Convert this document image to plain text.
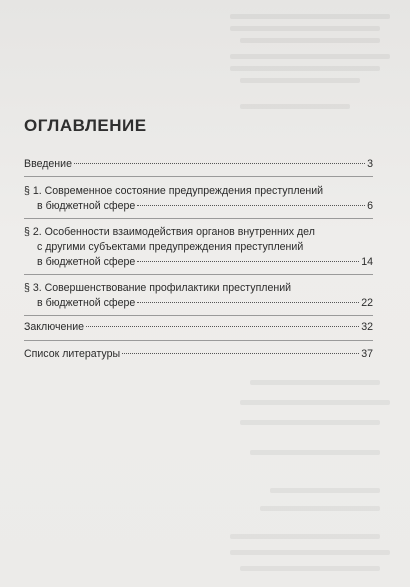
ОГЛАВЛЕНИЕ
Введение	3
§ 1. Современное состояние предупреждения преступлений
в бюджетной сфере	6
§ 2. Особенности взаимодействия органов внутренних дел
с другими субъектами предупреждения преступлений
в бюджетной сфере	14
§ 3. Совершенствование профилактики преступлений
в бюджетной сфере	22
Заключение	32
Список литературы	37
